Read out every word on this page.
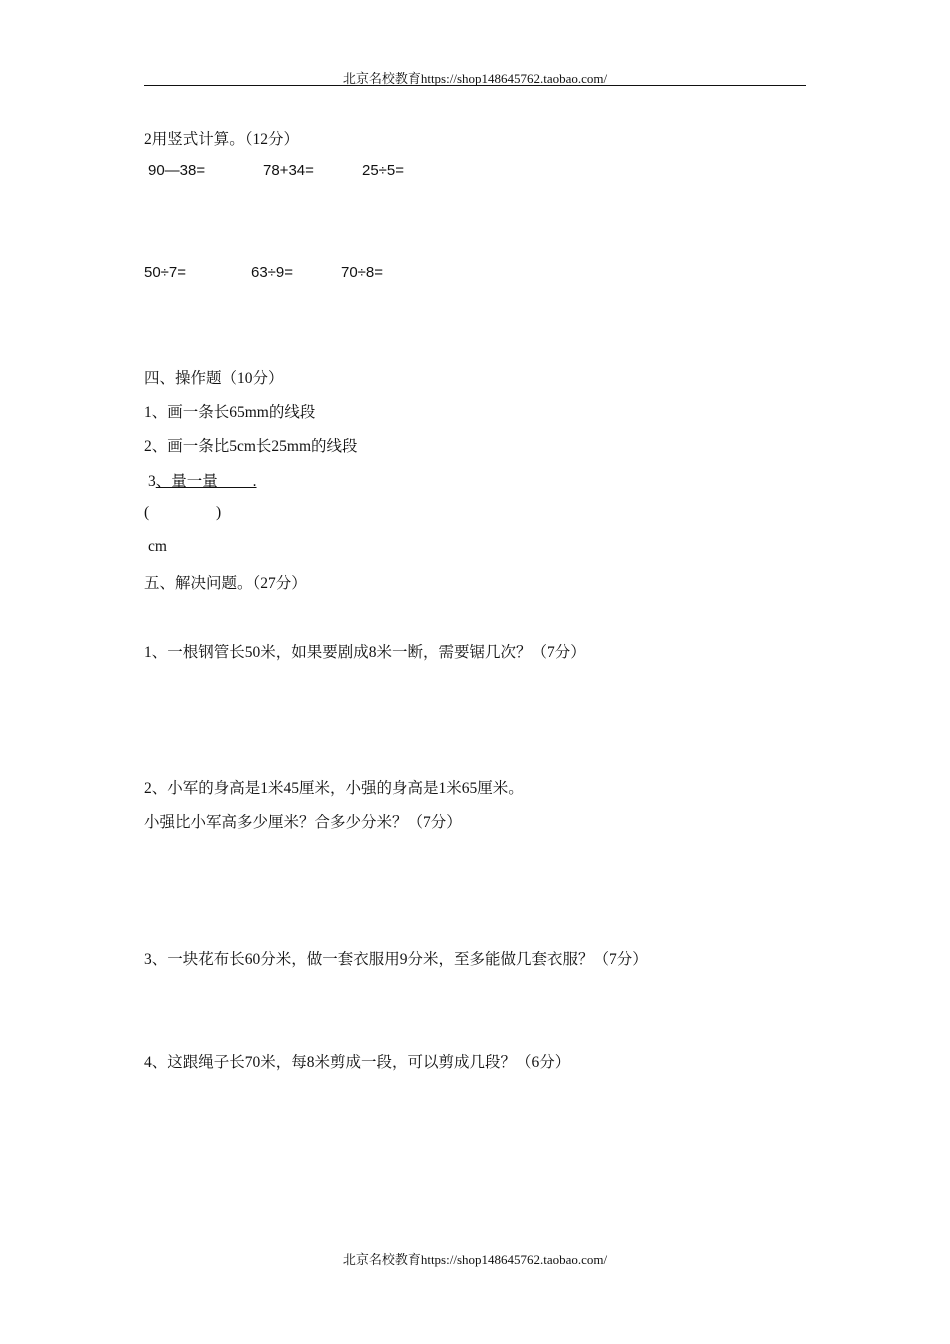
北京名校教育https://shop148645762.taobao.com/
2用竖式计算。（12分）
90—38=	78+34=	25÷5=
50÷7=	63÷9=	70÷8=
四、操作题（10分）
1、画一条长65mm的线段
2、画一条比5cm长25mm的线段
3、量一量         .
(	)
cm
五、解决问题。（27分）
1、一根钢管长50米，如果要剧成8米一断，需要锯几次？（7分）
2、小军的身高是1米45厘米，小强的身高是1米65厘米。
小强比小军高多少厘米？合多少分米？（7分）
3、一块花布长60分米，做一套衣服用9分米，至多能做几套衣服？（7分）
4、这跟绳子长70米，每8米剪成一段，可以剪成几段？（6分）
北京名校教育https://shop148645762.taobao.com/
